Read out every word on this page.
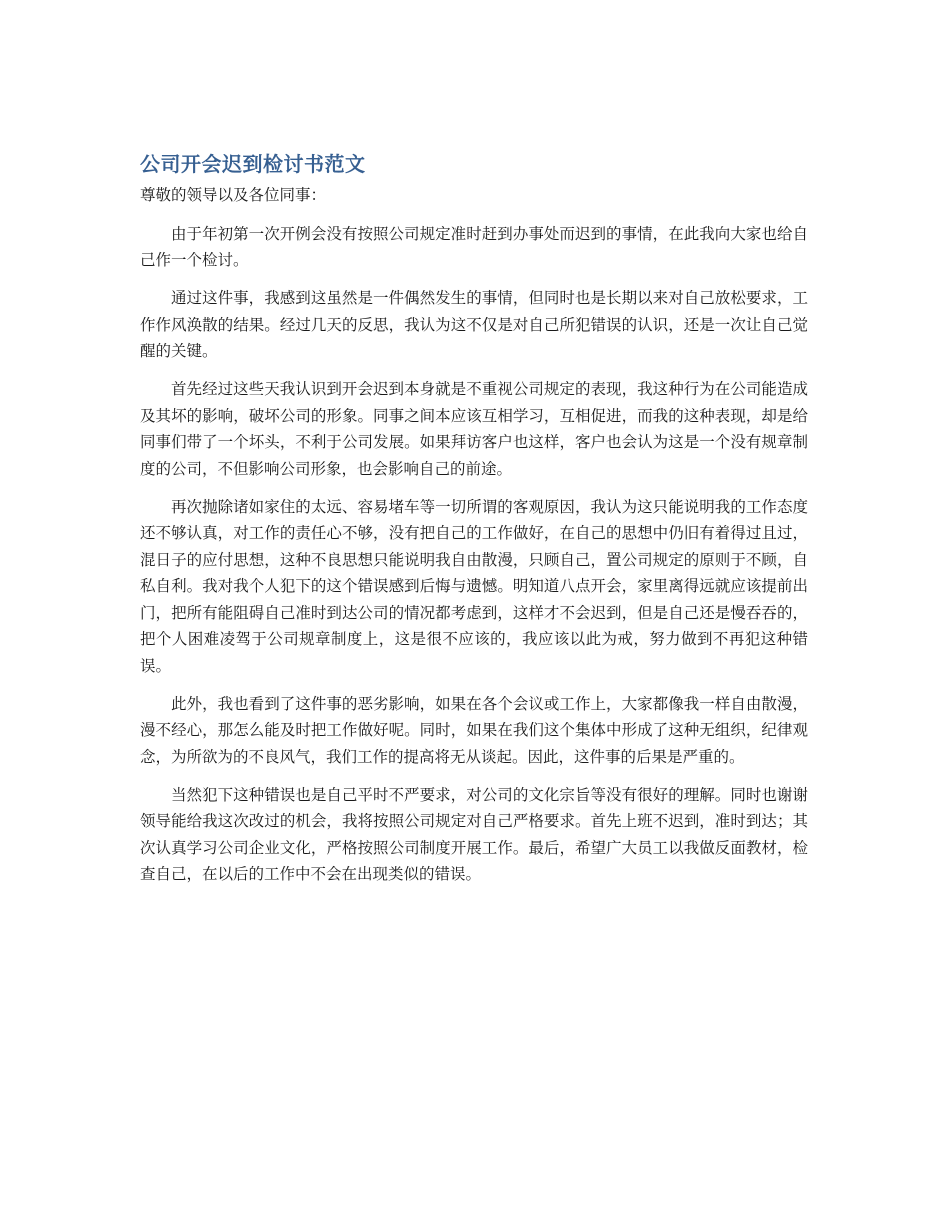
公司开会迟到检讨书范文

尊敬的领导以及各位同事：

由于年初第一次开例会没有按照公司规定准时赶到办事处而迟到的事情，在此我向大家也给自己作一个检讨。

通过这件事，我感到这虽然是一件偶然发生的事情，但同时也是长期以来对自己放松要求，工作作风涣散的结果。经过几天的反思，我认为这不仅是对自己所犯错误的认识，还是一次让自己觉醒的关键。

首先经过这些天我认识到开会迟到本身就是不重视公司规定的表现，我这种行为在公司能造成及其坏的影响，破坏公司的形象。同事之间本应该互相学习，互相促进，而我的这种表现，却是给同事们带了一个坏头，不利于公司发展。如果拜访客户也这样，客户也会认为这是一个没有规章制度的公司，不但影响公司形象，也会影响自己的前途。

再次抛除诸如家住的太远、容易堵车等一切所谓的客观原因，我认为这只能说明我的工作态度还不够认真，对工作的责任心不够，没有把自己的工作做好，在自己的思想中仍旧有着得过且过，混日子的应付思想，这种不良思想只能说明我自由散漫，只顾自己，置公司规定的原则于不顾，自私自利。我对我个人犯下的这个错误感到后悔与遗憾。明知道八点开会，家里离得远就应该提前出门，把所有能阻碍自己准时到达公司的情况都考虑到，这样才不会迟到，但是自己还是慢吞吞的，把个人困难凌驾于公司规章制度上，这是很不应该的，我应该以此为戒，努力做到不再犯这种错误。

此外，我也看到了这件事的恶劣影响，如果在各个会议或工作上，大家都像我一样自由散漫，漫不经心，那怎么能及时把工作做好呢。同时，如果在我们这个集体中形成了这种无组织，纪律观念，为所欲为的不良风气，我们工作的提高将无从谈起。因此，这件事的后果是严重的。

当然犯下这种错误也是自己平时不严要求，对公司的文化宗旨等没有很好的理解。同时也谢谢领导能给我这次改过的机会，我将按照公司规定对自己严格要求。首先上班不迟到，准时到达；其次认真学习公司企业文化，严格按照公司制度开展工作。最后，希望广大员工以我做反面教材，检查自己，在以后的工作中不会在出现类似的错误。
